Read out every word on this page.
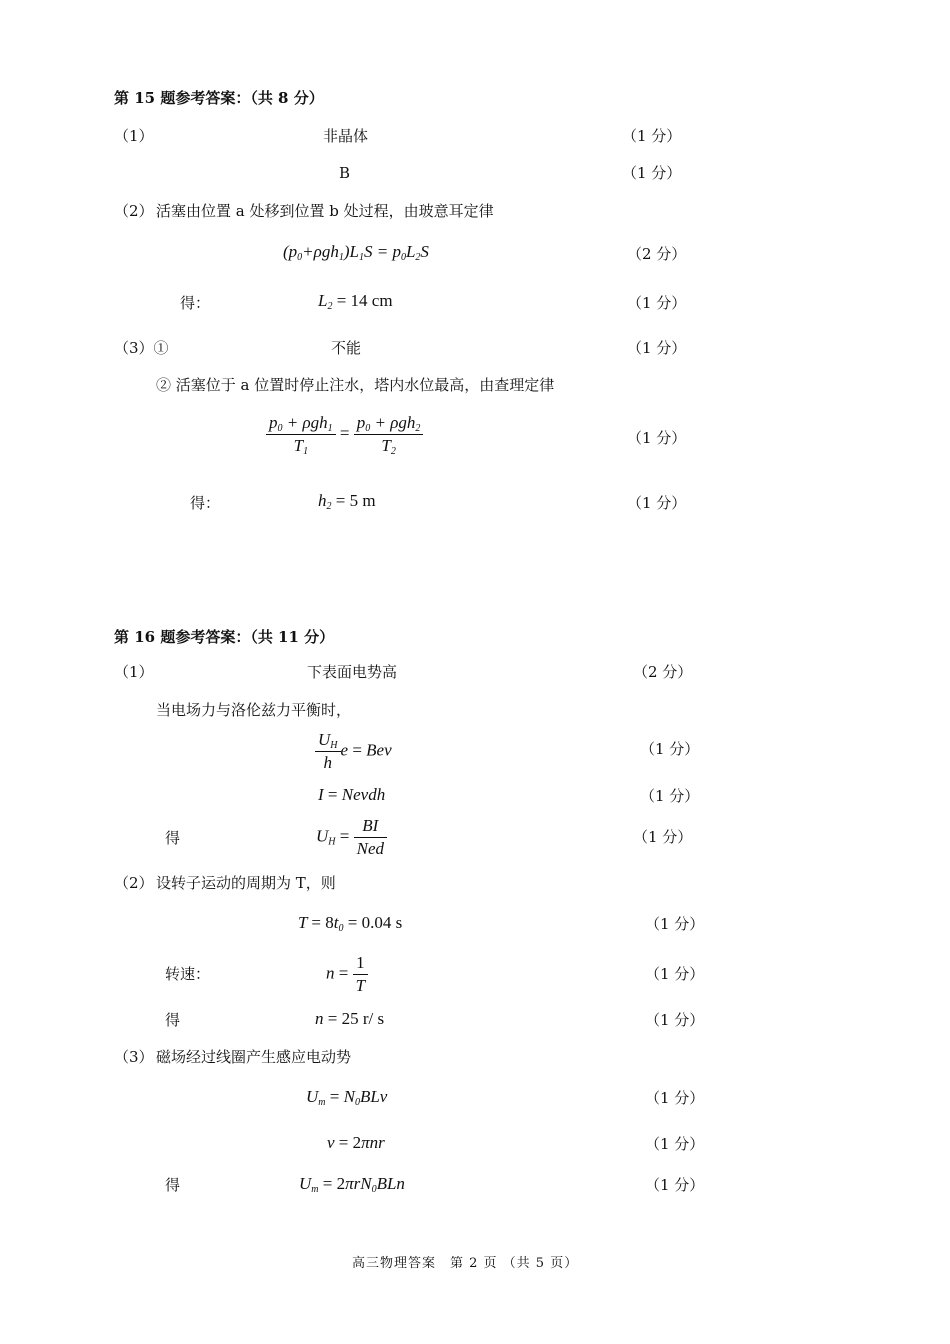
第 15 题参考答案：（共 8 分）
（1）	非晶体	（1 分）
B	（1 分）
（2） 活塞由位置 a 处移到位置 b 处过程，由玻意耳定律
$(p_0+\rho gh_1)L_1S = p_0L_2S$	（2 分）
得：	$L_2 = 14$ cm	（1 分）
（3）①	不能	（1 分）
② 活塞位于 a 位置时停止注水，塔内水位最高，由查理定律
$\frac{p_0 + \rho gh_1}{T_1} = \frac{p_0 + \rho gh_2}{T_2}$	（1 分）
得：	$h_2 = 5$ m	（1 分）
第 16 题参考答案：（共 11 分）
（1）	下表面电势高	（2 分）
当电场力与洛伦兹力平衡时，
$\frac{U_H}{h}$ e = Bev	（1 分）
I = Nevdh	（1 分）
得	$U_H = \frac{BI}{\text{Ned}}$	（1 分）
（2） 设转子运动的周期为 T，则
$T = 8t_0 = 0.04$ s	（1 分）
转速：	$n = \frac{1}{T}$	（1 分）
得	n = 25 r/ s	（1 分）
（3） 磁场经过线圈产生感应电动势
$U_m = N_0BLv$	（1 分）
v = 2πnr	（1 分）
得	$U_m = 2\pi rN_0BLn$	（1 分）
高三物理答案　第 2 页 （共 5 页）
